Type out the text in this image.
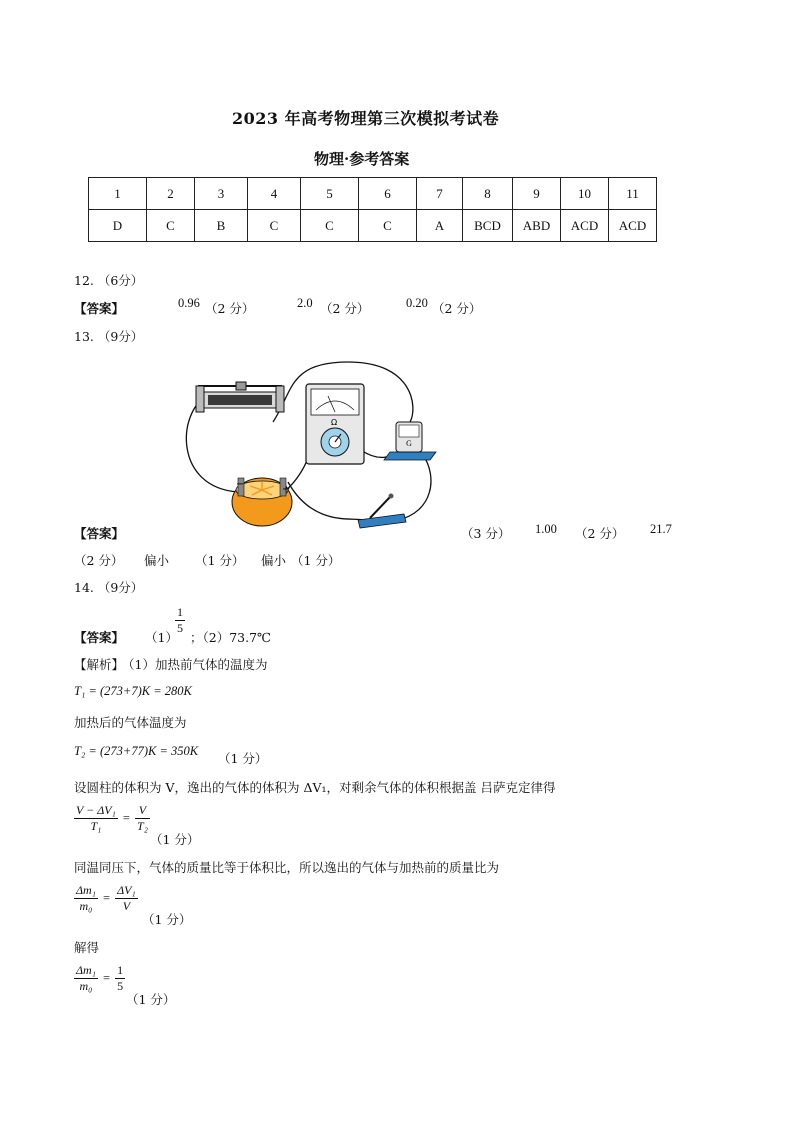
2023 年高考物理第三次模拟考试卷
物理·参考答案
1	2	3	4	5	6	7	8	9	10	11
D	C	B	C	C	C	A	BCD	ABD	ACD	ACD
12. （6分）
【答案】	0.96 （2 分）	2.0 （2 分）	0.20 （2 分）
13. （9分）
Ω
G
−	+
【答案】	（3 分） 1.00 （2 分） 21.7
（2 分） 偏小 （1 分） 偏小 （1 分）
14. （9分）
【答案】 （1）
$\frac{1}{5}$
；（2）73.7℃
【解析】
（1）加热前气体的温度为
T₁ = (273+7)K = 280K
加热后的气体温度为
T₂ = (273+77)K = 350K （1 分）
设圆柱的体积为 V，逸出的气体的体积为 ΔV₁，对剩余气体的体积根据盖 吕萨克定律得
$\frac{\text{V − ΔV₁}}{\text{T₁}} = \frac{V}{\text{T₂}}$
（1 分）
同温同压下，气体的质量比等于体积比，所以逸出的气体与加热前的质量比为
$\frac{\text{Δm₁}}{\text{m₀}} = \frac{\text{ΔV₁}}{V}$
（1 分）
解得
$\frac{\text{Δm₁}}{\text{m₀}} = \frac{1}{5}$
（1 分）
